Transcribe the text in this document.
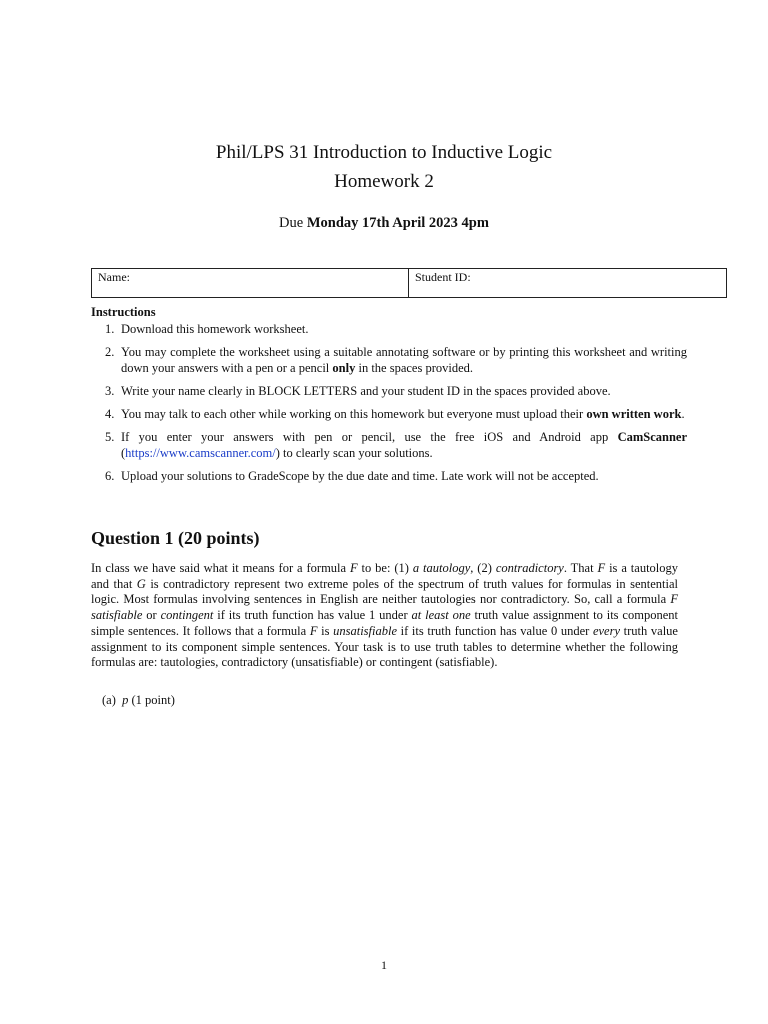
Phil/LPS 31 Introduction to Inductive Logic
Homework 2
Due Monday 17th April 2023 4pm
Name:	Student ID:
Instructions
1. Download this homework worksheet.
2. You may complete the worksheet using a suitable annotating software or by printing this worksheet and writing down your answers with a pen or a pencil only in the spaces provided.
3. Write your name clearly in BLOCK LETTERS and your student ID in the spaces provided above.
4. You may talk to each other while working on this homework but everyone must upload their own written work.
5. If you enter your answers with pen or pencil, use the free iOS and Android app CamScanner (https://www.camscanner.com/) to clearly scan your solutions.
6. Upload your solutions to GradeScope by the due date and time. Late work will not be accepted.
Question 1 (20 points)
In class we have said what it means for a formula F to be: (1) a tautology, (2) contradictory. That F is a tautology and that G is contradictory represent two extreme poles of the spectrum of truth values for formulas in sentential logic. Most formulas involving sentences in English are neither tautologies nor contradictory. So, call a formula F satisfiable or contingent if its truth function has value 1 under at least one truth value assignment to its component simple sentences. It follows that a formula F is unsatisfiable if its truth function has value 0 under every truth value assignment to its component simple sentences. Your task is to use truth tables to determine whether the following formulas are: tautologies, contradictory (unsatisfiable) or contingent (satisfiable).
(a) p (1 point)
1
